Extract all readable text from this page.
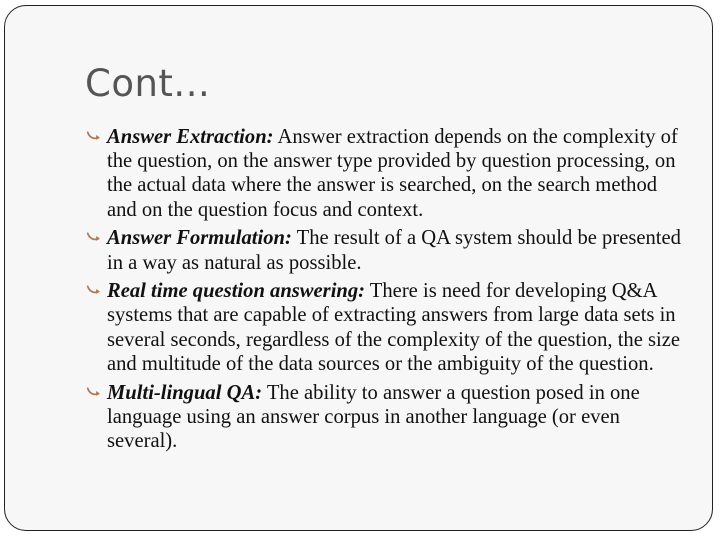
Cont...
Answer Extraction: Answer extraction depends on the complexity of the question, on the answer type provided by question processing, on the actual data where the answer is searched, on the search method and on the question focus and context.
Answer Formulation: The result of a QA system should be presented in a way as natural as possible.
Real time question answering: There is need for developing Q&A systems that are capable of extracting answers from large data sets in several seconds, regardless of the complexity of the question, the size and multitude of the data sources or the ambiguity of the question.
Multi-lingual QA: The ability to answer a question posed in one language using an answer corpus in another language (or even several).
